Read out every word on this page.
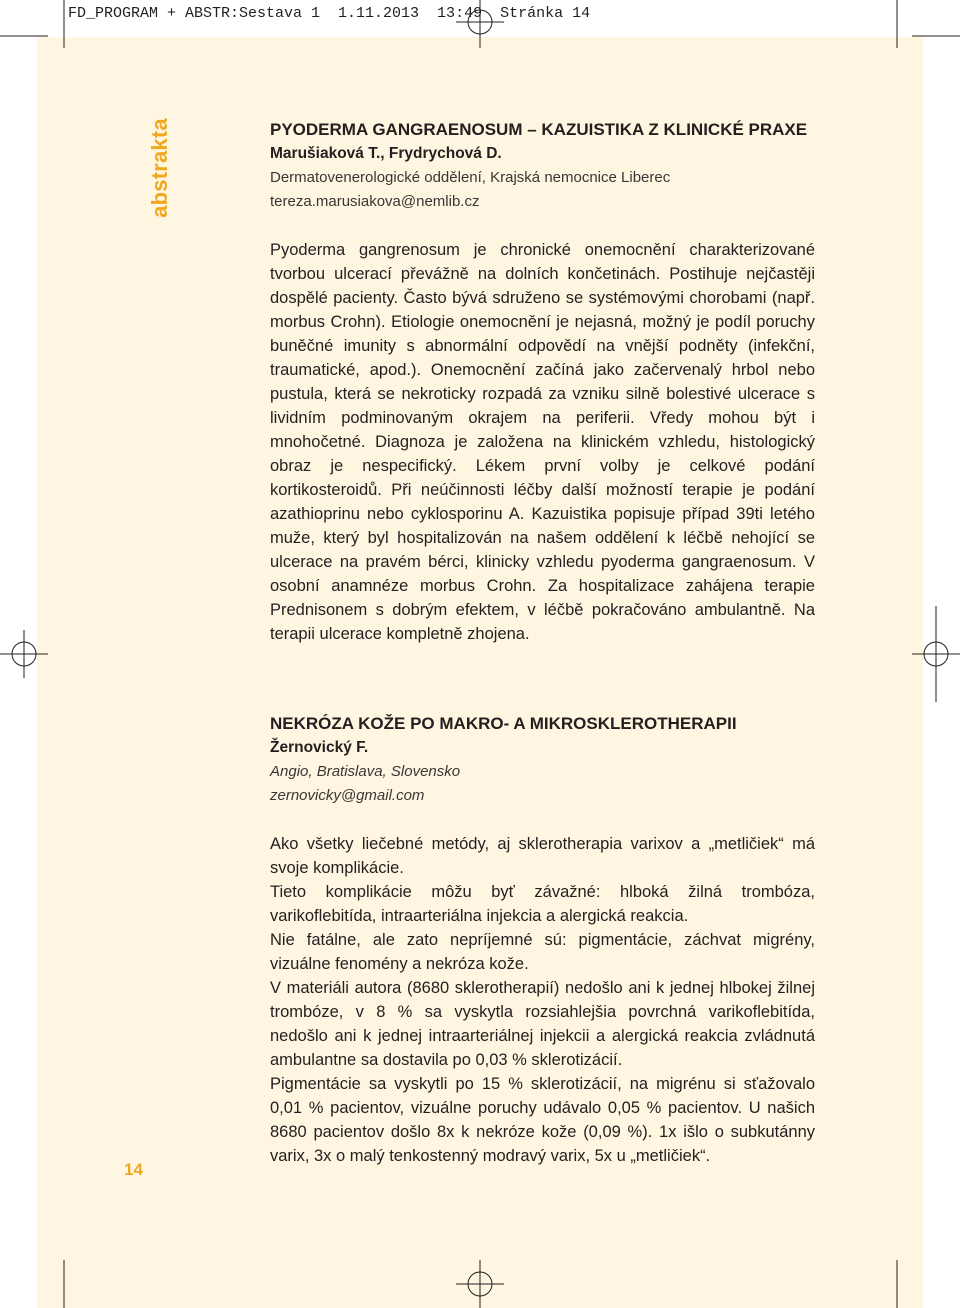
FD_PROGRAM + ABSTR:Sestava 1  1.11.2013  13:49  Stránka 14
abstrakta
14
PYODERMA GANGRAENOSUM – KAZUISTIKA Z KLINICKÉ PRAXE
Marušiaková T., Frydrychová D.
Dermatovenerologické oddělení, Krajská nemocnice Liberec
tereza.marusiakova@nemlib.cz

Pyoderma gangrenosum je chronické onemocnění charakterizované tvorbou ulcerací převážně na dolních končetinách. Postihuje nejčastěji dospělé pacienty. Často bývá sdruženo se systémovými chorobami (např. morbus Crohn). Etiologie onemocnění je nejasná, možný je podíl poruchy buněčné imunity s abnormální odpovědí na vnější podněty (infekční, traumatické, apod.). Onemocnění začíná jako začervenalý hrbol nebo pustula, která se nekroticky rozpadá za vzniku silně bolestivé ulcerace s lividním podminovaným okrajem na periferii. Vředy mohou být i mnohočetné. Diagnoza je založena na klinickém vzhledu, histologický obraz je nespecifický. Lékem první volby je celkové podání kortikosteroidů. Při neúčinnosti léčby další možností terapie je podání azathioprinu nebo cyklosporinu A. Kazuistika popisuje případ 39ti letého muže, který byl hospitalizován na našem oddělení k léčbě nehojící se ulcerace na pravém bérci, klinicky vzhledu pyoderma gangraenosum. V osobní anamnéze morbus Crohn. Za hospitalizace zahájena terapie Prednisonem s dobrým efektem, v léčbě pokračováno ambulantně. Na terapii ulcerace kompletně zhojena.

NEKRÓZA KOŽE PO MAKRO- A MIKROSKLEROTHERAPII
Žernovický F.
Angio, Bratislava, Slovensko
zernovicky@gmail.com

Ako všetky liečebné metódy, aj sklerotherapia varixov a „metličiek“ má svoje komplikácie.

Tieto komplikácie môžu byť závažné: hlboká žilná trombóza, varikoflebitída, intraarteriálna injekcia a alergická reakcia.

Nie fatálne, ale zato nepríjemné sú: pigmentácie, záchvat migrény, vizuálne fenomény a nekróza kože.

V materiáli autora (8680 sklerotherapií) nedošlo ani k jednej hlbokej žilnej trombóze, v 8 % sa vyskytla rozsiahlejšia povrchná varikoflebitída, nedošlo ani k jednej intraarteriálnej injekcii a alergická reakcia zvládnutá ambulantne sa dostavila po 0,03 % sklerotizácií.

Pigmentácie sa vyskytli po 15 % sklerotizácií, na migrénu si sťažovalo 0,01 % pacientov, vizuálne poruchy udávalo 0,05 % pacientov. U našich 8680 pacientov došlo 8x k nekróze kože (0,09 %). 1x išlo o subkutánny varix, 3x o malý tenkostenný modravý varix, 5x u „metličiek“.
